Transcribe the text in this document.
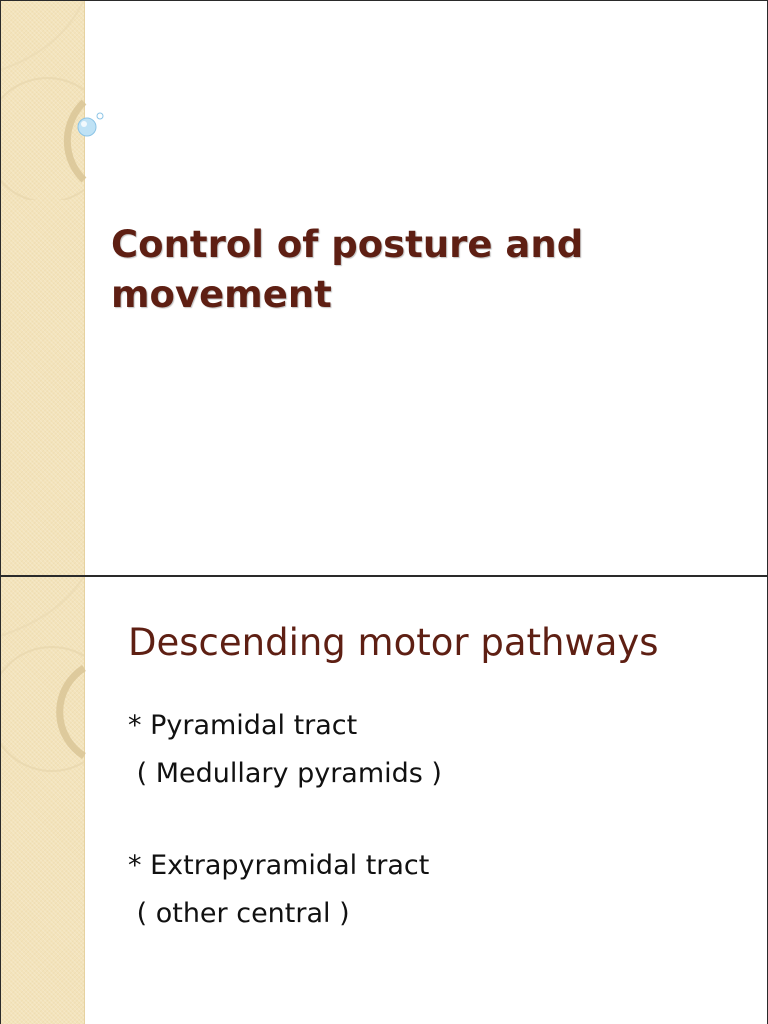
Control of posture and movement
Descending motor pathways
* Pyramidal tract
( Medullary pyramids )
* Extrapyramidal tract
( other central )
